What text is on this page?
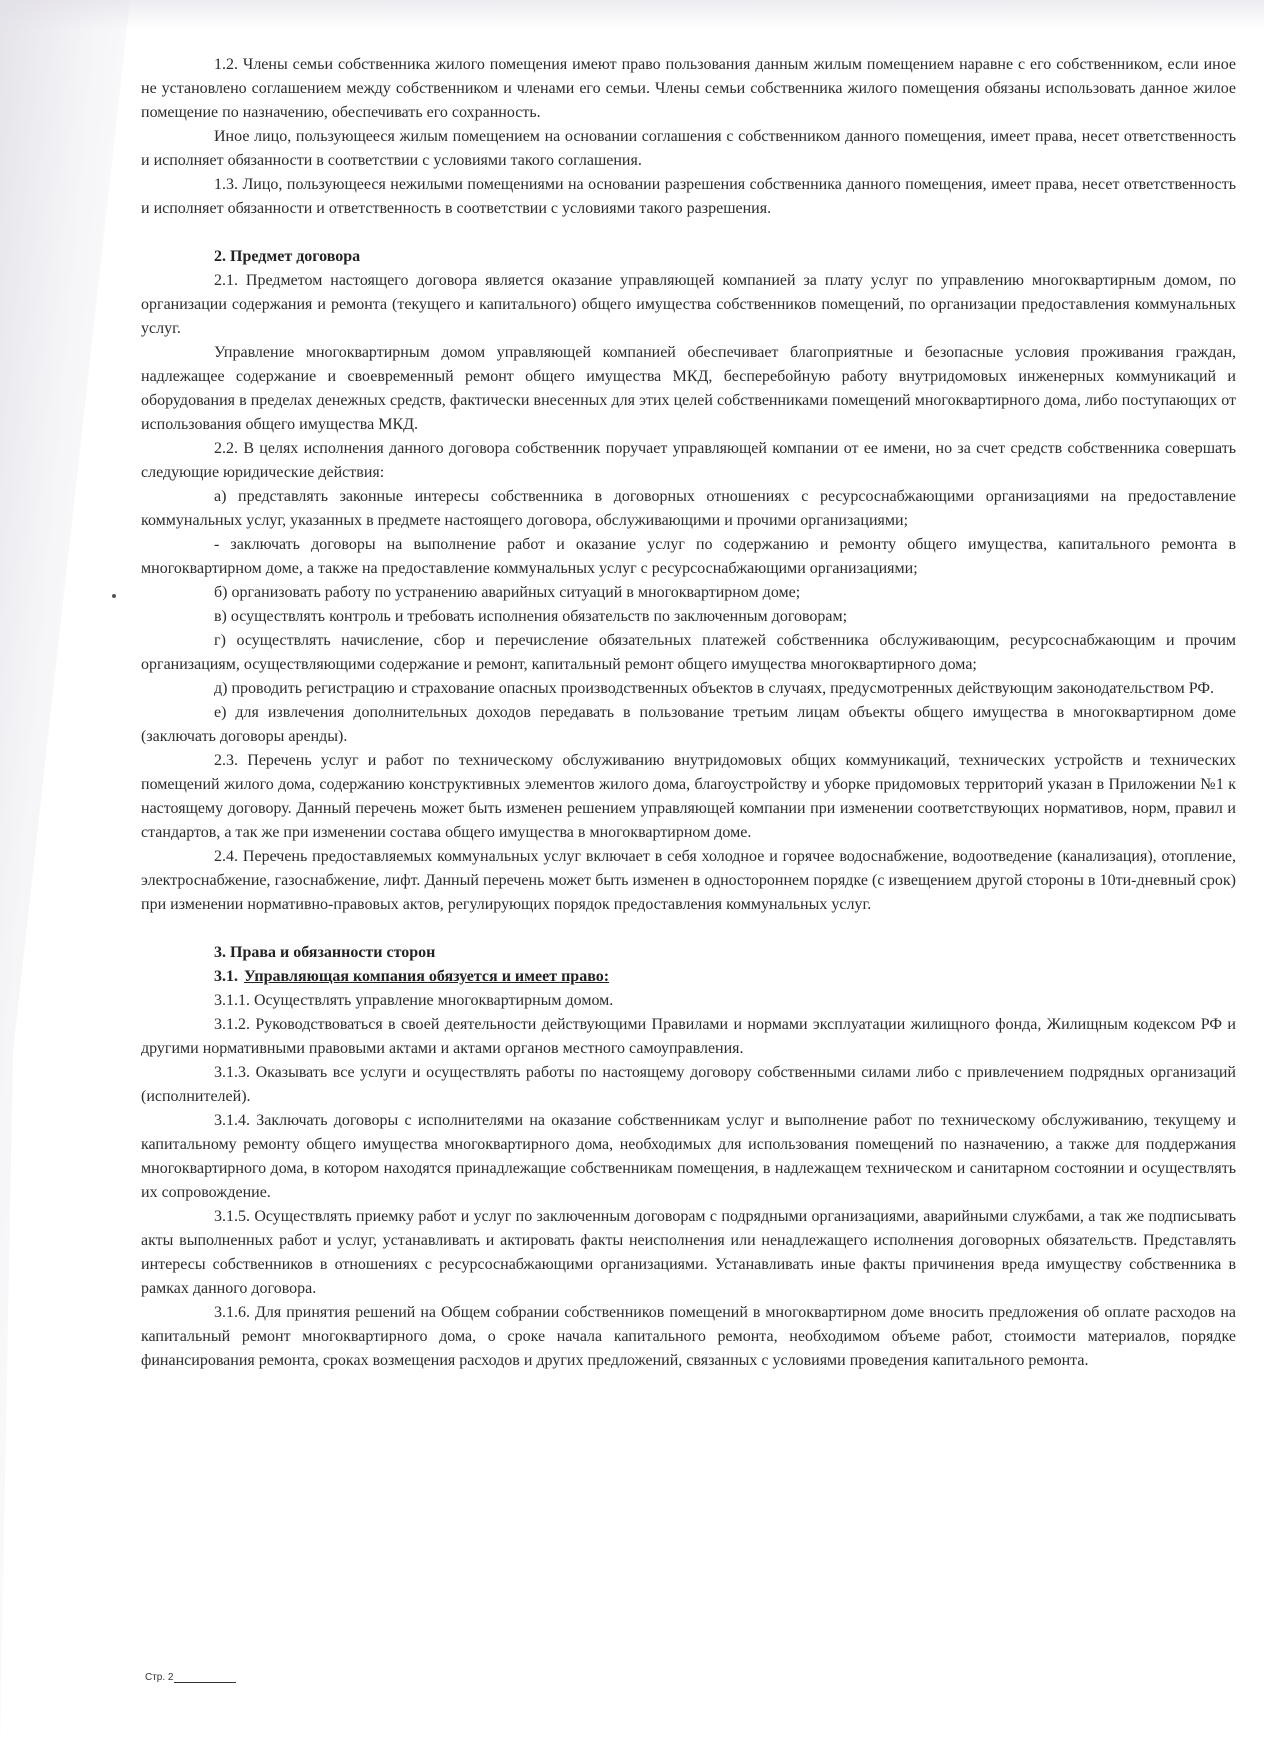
1.2. Члены семьи собственника жилого помещения имеют право пользования данным жилым помещением наравне с его собственником, если иное не установлено соглашением между собственником и членами его семьи. Члены семьи собственника жилого помещения обязаны использовать данное жилое помещение по назначению, обеспечивать его сохранность.

Иное лицо, пользующееся жилым помещением на основании соглашения с собственником данного помещения, имеет права, несет ответственность и исполняет обязанности в соответствии с условиями такого соглашения.

1.3. Лицо, пользующееся нежилыми помещениями на основании разрешения собственника данного помещения, имеет права, несет ответственность и исполняет обязанности и ответственность в соответствии с условиями такого разрешения.

2. Предмет договора

2.1. Предметом настоящего договора является оказание управляющей компанией за плату услуг по управлению многоквартирным домом, по организации содержания и ремонта (текущего и капитального) общего имущества собственников помещений, по организации предоставления коммунальных услуг.

Управление многоквартирным домом управляющей компанией обеспечивает благоприятные и безопасные условия проживания граждан, надлежащее содержание и своевременный ремонт общего имущества МКД, бесперебойную работу внутридомовых инженерных коммуникаций и оборудования в пределах денежных средств, фактически внесенных для этих целей собственниками помещений многоквартирного дома, либо поступающих от использования общего имущества МКД.

2.2. В целях исполнения данного договора собственник поручает управляющей компании от ее имени, но за счет средств собственника совершать следующие юридические действия:

а) представлять законные интересы собственника в договорных отношениях с ресурсоснабжающими организациями на предоставление коммунальных услуг, указанных в предмете настоящего договора, обслуживающими и прочими организациями;

- заключать договоры на выполнение работ и оказание услуг по содержанию и ремонту общего имущества, капитального ремонта в многоквартирном доме, а также на предоставление коммунальных услуг с ресурсоснабжающими организациями;

б) организовать работу по устранению аварийных ситуаций в многоквартирном доме;

в) осуществлять контроль и требовать исполнения обязательств по заключенным договорам;

г) осуществлять начисление, сбор и перечисление обязательных платежей собственника обслуживающим, ресурсоснабжающим и прочим организациям, осуществляющими содержание и ремонт, капитальный ремонт общего имущества многоквартирного дома;

д) проводить регистрацию и страхование опасных производственных объектов в случаях, предусмотренных действующим законодательством РФ.

е) для извлечения дополнительных доходов передавать в пользование третьим лицам объекты общего имущества в многоквартирном доме (заключать договоры аренды).

2.3. Перечень услуг и работ по техническому обслуживанию внутридомовых общих коммуникаций, технических устройств и технических помещений жилого дома, содержанию конструктивных элементов жилого дома, благоустройству и уборке придомовых территорий указан в Приложении №1 к настоящему договору. Данный перечень может быть изменен решением управляющей компании при изменении соответствующих нормативов, норм, правил и стандартов, а так же при изменении состава общего имущества в многоквартирном доме.

2.4. Перечень предоставляемых коммунальных услуг включает в себя холодное и горячее водоснабжение, водоотведение (канализация), отопление, электроснабжение, газоснабжение, лифт. Данный перечень может быть изменен в одностороннем порядке (с извещением другой стороны в 10ти-дневный срок) при изменении нормативно-правовых актов, регулирующих порядок предоставления коммунальных услуг.

3. Права и обязанности сторон
3.1. Управляющая компания обязуется и имеет право:

3.1.1. Осуществлять управление многоквартирным домом.

3.1.2. Руководствоваться в своей деятельности действующими Правилами и нормами эксплуатации жилищного фонда, Жилищным кодексом РФ и другими нормативными правовыми актами и актами органов местного самоуправления.

3.1.3. Оказывать все услуги и осуществлять работы по настоящему договору собственными силами либо с привлечением подрядных организаций (исполнителей).

3.1.4. Заключать договоры с исполнителями на оказание собственникам услуг и выполнение работ по техническому обслуживанию, текущему и капитальному ремонту общего имущества многоквартирного дома, необходимых для использования помещений по назначению, а также для поддержания многоквартирного дома, в котором находятся принадлежащие собственникам помещения, в надлежащем техническом и санитарном состоянии и осуществлять их сопровождение.

3.1.5. Осуществлять приемку работ и услуг по заключенным договорам с подрядными организациями, аварийными службами, а так же подписывать акты выполненных работ и услуг, устанавливать и актировать факты неисполнения или ненадлежащего исполнения договорных обязательств. Представлять интересы собственников в отношениях с ресурсоснабжающими организациями. Устанавливать иные факты причинения вреда имуществу собственника в рамках данного договора.

3.1.6. Для принятия решений на Общем собрании собственников помещений в многоквартирном доме вносить предложения об оплате расходов на капитальный ремонт многоквартирного дома, о сроке начала капитального ремонта, необходимом объеме работ, стоимости материалов, порядке финансирования ремонта, сроках возмещения расходов и других предложений, связанных с условиями проведения капитального ремонта.

Стр. 2
